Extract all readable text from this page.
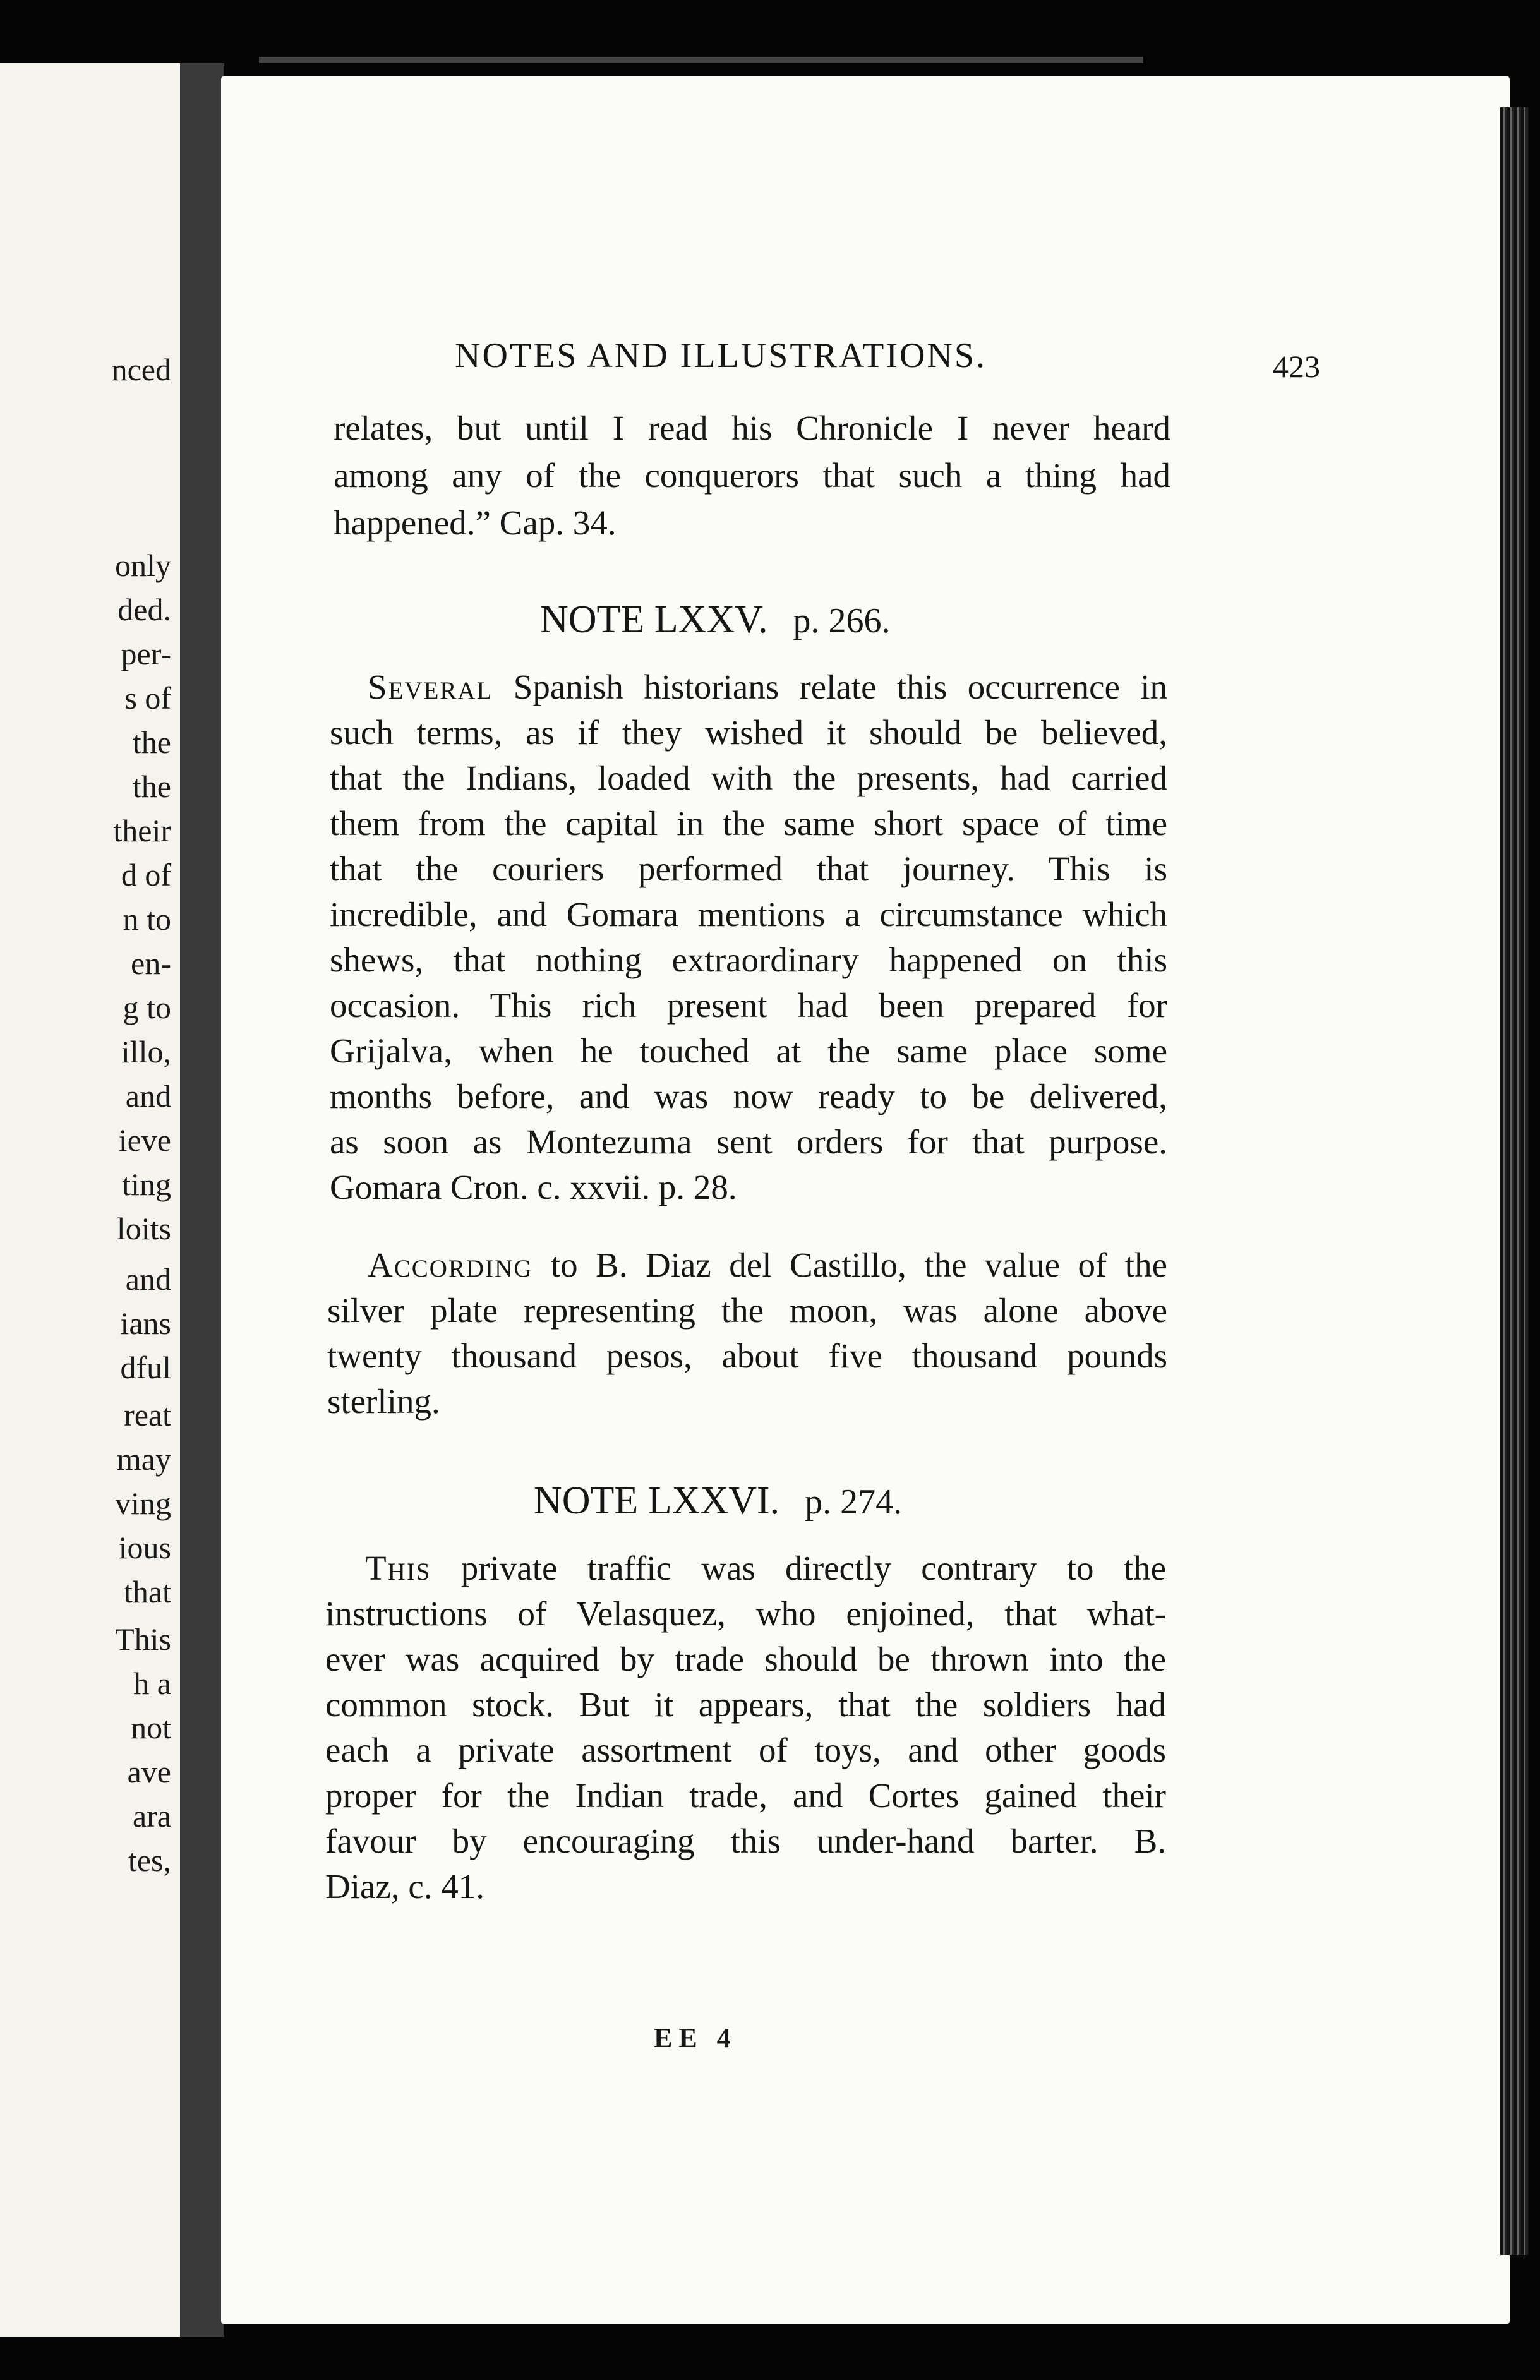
nced
only
ded.
per-
s of
the
the
their
d of
n to
en-
g to
illo,
and
ieve
ting
loits
and
ians
dful
reat
may
ving
ious
that
This
h a
not
ave
ara
tes,
NOTES AND ILLUSTRATIONS.	423
relates, but until I read his Chronicle I never heard
among any of the conquerors that such a thing had
happened.” Cap. 34.
NOTE LXXV. p. 266.
Several Spanish historians relate this occurrence in
such terms, as if they wished it should be believed,
that the Indians, loaded with the presents, had carried
them from the capital in the same short space of time
that the couriers performed that journey. This is
incredible, and Gomara mentions a circumstance which
shews, that nothing extraordinary happened on this
occasion. This rich present had been prepared for
Grijalva, when he touched at the same place some
months before, and was now ready to be delivered,
as soon as Montezuma sent orders for that purpose.
Gomara Cron. c. xxvii. p. 28.
According to B. Diaz del Castillo, the value of the
silver plate representing the moon, was alone above
twenty thousand pesos, about five thousand pounds
sterling.
NOTE LXXVI. p. 274.
This private traffic was directly contrary to the
instructions of Velasquez, who enjoined, that what-
ever was acquired by trade should be thrown into the
common stock. But it appears, that the soldiers had
each a private assortment of toys, and other goods
proper for the Indian trade, and Cortes gained their
favour by encouraging this under-hand barter. B.
Diaz, c. 41.
EE 4
